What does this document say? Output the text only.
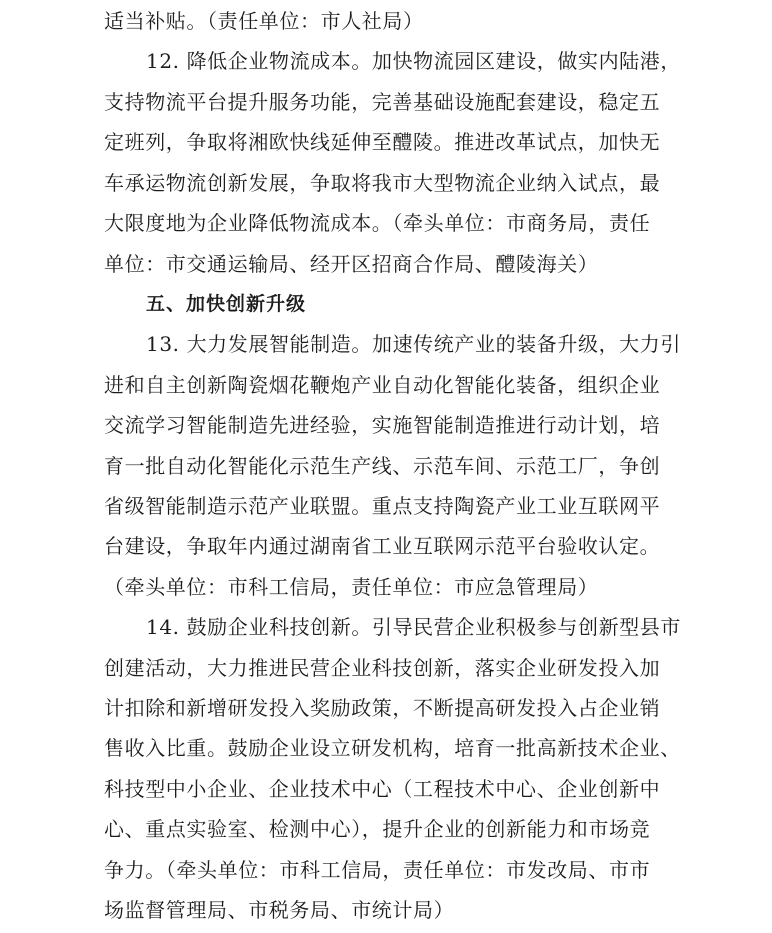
适当补贴。（责任单位：市人社局）
12. 降低企业物流成本。加快物流园区建设，做实内陆港，
支持物流平台提升服务功能，完善基础设施配套建设，稳定五
定班列，争取将湘欧快线延伸至醴陵。推进改革试点，加快无
车承运物流创新发展，争取将我市大型物流企业纳入试点，最
大限度地为企业降低物流成本。（牵头单位：市商务局，责任
单位：市交通运输局、经开区招商合作局、醴陵海关）
五、加快创新升级
13. 大力发展智能制造。加速传统产业的装备升级，大力引
进和自主创新陶瓷烟花鞭炮产业自动化智能化装备，组织企业
交流学习智能制造先进经验，实施智能制造推进行动计划，培
育一批自动化智能化示范生产线、示范车间、示范工厂，争创
省级智能制造示范产业联盟。重点支持陶瓷产业工业互联网平
台建设，争取年内通过湖南省工业互联网示范平台验收认定。
（牵头单位：市科工信局，责任单位：市应急管理局）
14. 鼓励企业科技创新。引导民营企业积极参与创新型县市
创建活动，大力推进民营企业科技创新，落实企业研发投入加
计扣除和新增研发投入奖励政策，不断提高研发投入占企业销
售收入比重。鼓励企业设立研发机构，培育一批高新技术企业、
科技型中小企业、企业技术中心（工程技术中心、企业创新中
心、重点实验室、检测中心），提升企业的创新能力和市场竞
争力。（牵头单位：市科工信局，责任单位：市发改局、市市
场监督管理局、市税务局、市统计局）
